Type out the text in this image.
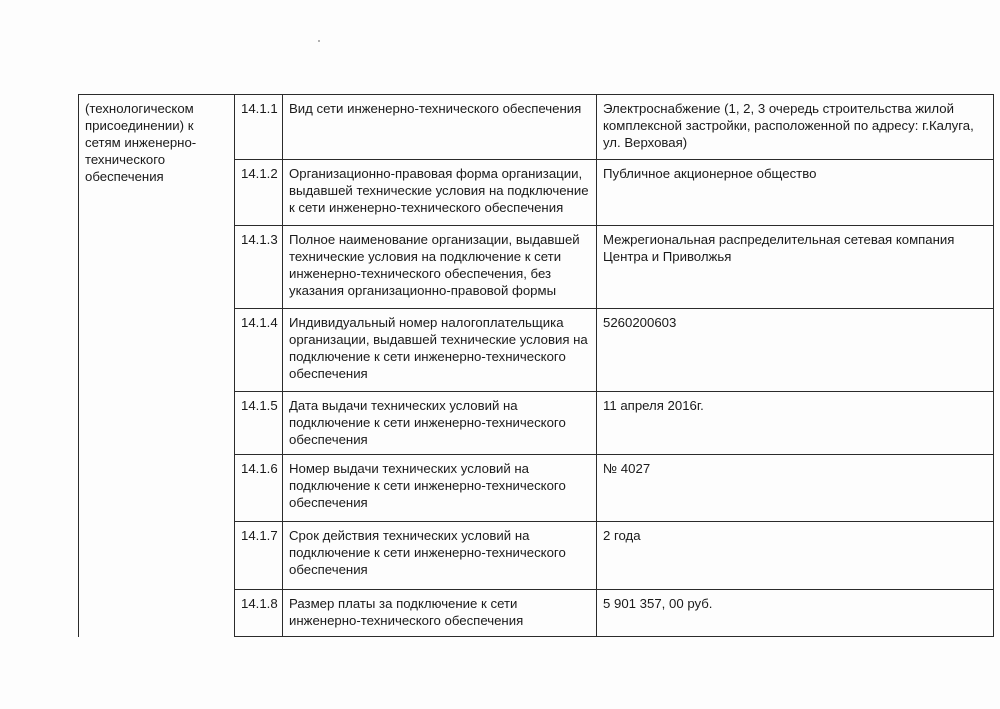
(технологическом присоединении) к сетям инженерно-технического обеспечения	14.1.1	Вид сети инженерно-технического обеспечения	Электроснабжение (1, 2, 3 очередь строительства жилой комплексной застройки, расположенной по адресу: г.Калуга, ул. Верховая)
	14.1.2	Организационно-правовая форма организации, выдавшей технические условия на подключение к сети инженерно-технического обеспечения	Публичное акционерное общество
	14.1.3	Полное наименование организации, выдавшей технические условия на подключение к сети инженерно-технического обеспечения, без указания организационно-правовой формы	Межрегиональная распределительная сетевая компания Центра и Приволжья
	14.1.4	Индивидуальный номер налогоплательщика организации, выдавшей технические условия на подключение к сети инженерно-технического обеспечения	5260200603
	14.1.5	Дата выдачи технических условий на подключение к сети инженерно-технического обеспечения	11 апреля 2016г.
	14.1.6	Номер выдачи технических условий на подключение к сети инженерно-технического обеспечения	№ 4027
	14.1.7	Срок действия технических условий на подключение к сети инженерно-технического обеспечения	2 года
	14.1.8	Размер платы за подключение к сети инженерно-технического обеспечения	5 901 357, 00 руб.
